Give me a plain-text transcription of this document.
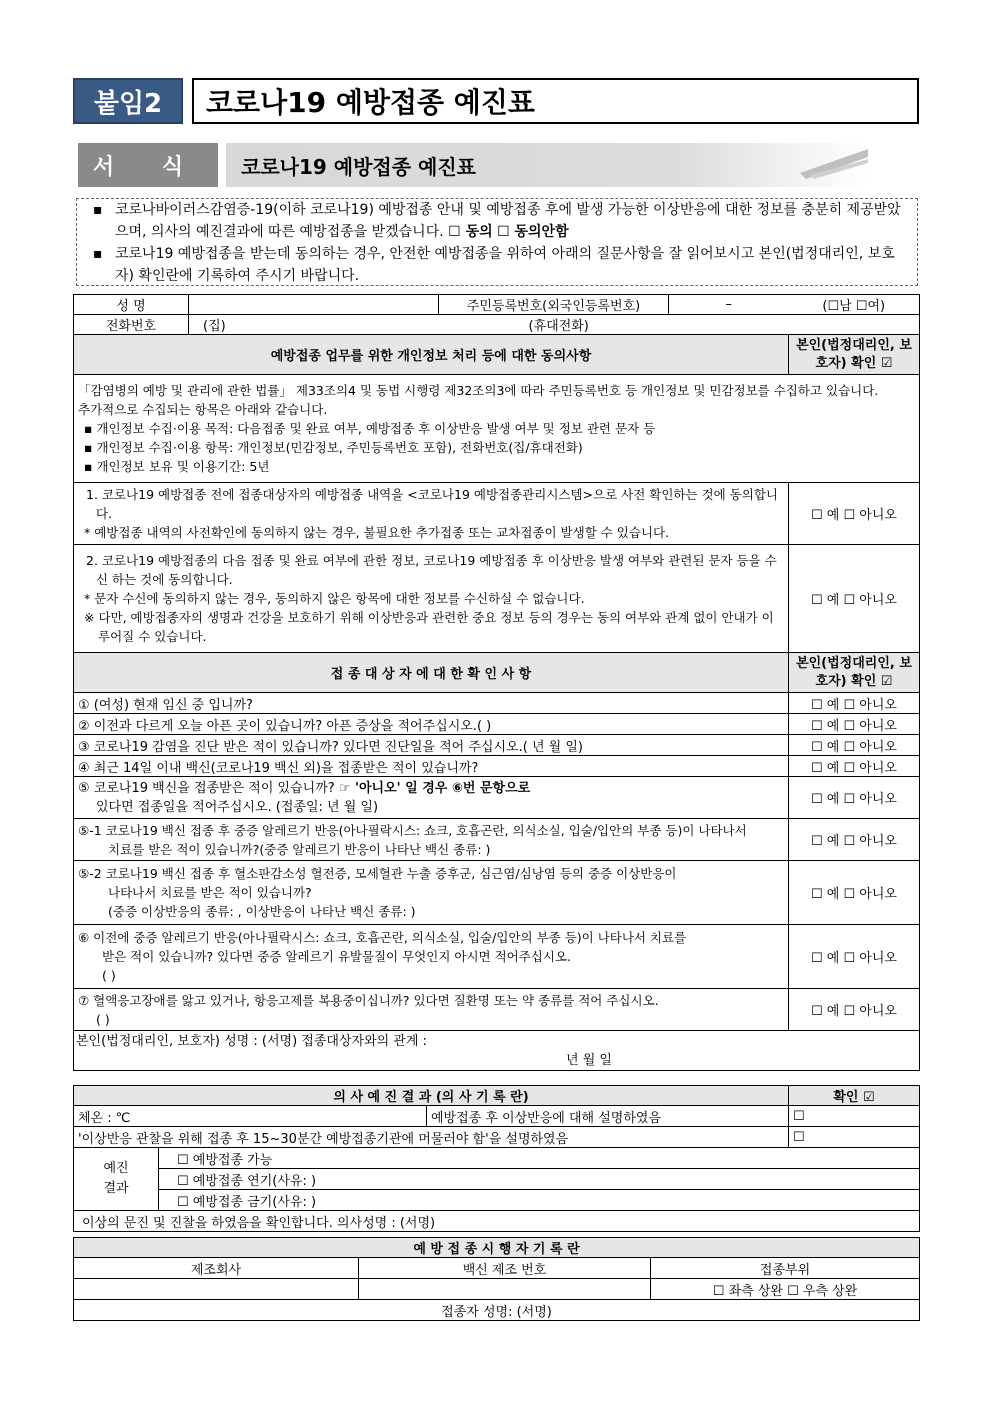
붙임2	코로나19 예방접종 예진표
서 식	코로나19 예방접종 예진표

▪ 코로나바이러스감염증-19(이하 코로나19) 예방접종 안내 및 예방접종 후에 발생 가능한 이상반응에 대한 정보를 충분히 제공받았으며, 의사의 예진결과에 따른 예방접종을 받겠습니다. ☐ 동의 ☐ 동의안함

▪ 코로나19 예방접종을 받는데 동의하는 경우, 안전한 예방접종을 위하여 아래의 질문사항을 잘 읽어보시고 본인(법정대리인, 보호자) 확인란에 기록하여 주시기 바랍니다.

성 명		주민등록번호(외국인등록번호)	–	(☐남 ☐여)
전화번호	(집)	(휴대전화)		
예방접종 업무를 위한 개인정보 처리 등에 대한 동의사항				본인(법정대리인, 보호자) 확인 ☑

「감염병의 예방 및 관리에 관한 법률」 제33조의4 및 동법 시행령 제32조의3에 따라 주민등록번호 등 개인정보 및 민감정보를 수집하고 있습니다.
추가적으로 수집되는 항목은 아래와 같습니다.
▪ 개인정보 수집·이용 목적: 다음접종 및 완료 여부, 예방접종 후 이상반응 발생 여부 및 정보 관련 문자 등
▪ 개인정보 수집·이용 항목: 개인정보(민감정보, 주민등록번호 포함), 전화번호(집/휴대전화)
▪ 개인정보 보유 및 이용기간: 5년				

1. 코로나19 예방접종 전에 접종대상자의 예방접종 내역을 <코로나19 예방접종관리시스템>으로 사전 확인하는 것에 동의합니다.
* 예방접종 내역의 사전확인에 동의하지 않는 경우, 불필요한 추가접종 또는 교차접종이 발생할 수 있습니다.				☐ 예 ☐ 아니오

2. 코로나19 예방접종의 다음 접종 및 완료 여부에 관한 정보, 코로나19 예방접종 후 이상반응 발생 여부와 관련된 문자 등을 수신 하는 것에 동의합니다.
* 문자 수신에 동의하지 않는 경우, 동의하지 않은 항목에 대한 정보를 수신하실 수 없습니다.
※ 다만, 예방접종자의 생명과 건강을 보호하기 위해 이상반응과 관련한 중요 정보 등의 경우는 동의 여부와 관계 없이 안내가 이루어질 수 있습니다.				☐ 예 ☐ 아니오
접 종 대 상 자 에 대 한 확 인 사 항				본인(법정대리인, 보호자) 확인 ☑
① (여성) 현재 임신 중 입니까?				☐ 예 ☐ 아니오
② 이전과 다르게 오늘 아픈 곳이 있습니까? 아픈 증상을 적어주십시오.( )				☐ 예 ☐ 아니오
③ 코로나19 감염을 진단 받은 적이 있습니까? 있다면 진단일을 적어 주십시오.( 년 월 일)				☐ 예 ☐ 아니오
④ 최근 14일 이내 백신(코로나19 백신 외)을 접종받은 적이 있습니까?				☐ 예 ☐ 아니오

⑤ 코로나19 백신을 접종받은 적이 있습니까? ☞ '아니오' 일 경우 ⑥번 문항으로
있다면 접종일을 적어주십시오. (접종일: 년 월 일)				☐ 예 ☐ 아니오

⑤-1 코로나19 백신 접종 후 중증 알레르기 반응(아나필락시스: 쇼크, 호흡곤란, 의식소실, 입술/입안의 부종 등)이 나타나서
치료를 받은 적이 있습니까?(중증 알레르기 반응이 나타난 백신 종류: )				☐ 예 ☐ 아니오

⑤-2 코로나19 백신 접종 후 혈소판감소성 혈전증, 모세혈관 누출 증후군, 심근염/심낭염 등의 중증 이상반응이
나타나서 치료를 받은 적이 있습니까?
(중증 이상반응의 종류: , 이상반응이 나타난 백신 종류: )				☐ 예 ☐ 아니오

⑥ 이전에 중증 알레르기 반응(아나필락시스: 쇼크, 호흡곤란, 의식소실, 입술/입안의 부종 등)이 나타나서 치료를
받은 적이 있습니까? 있다면 중증 알레르기 유발물질이 무엇인지 아시면 적어주십시오.
( )				☐ 예 ☐ 아니오

⑦ 혈액응고장애를 앓고 있거나, 항응고제를 복용중이십니까? 있다면 질환명 또는 약 종류를 적어 주십시오.
( )				☐ 예 ☐ 아니오

본인(법정대리인, 보호자) 성명 : (서명) 접종대상자와의 관계 :
년 월 일				
의 사 예 진 결 과 (의 사 기 록 란)			확인 ☑
체온 : ℃		예방접종 후 이상반응에 대해 설명하였음	☐
'이상반응 관찰을 위해 접종 후 15~30분간 예방접종기관에 머물러야 함'을 설명하였음			☐
예진 결과	☐ 예방접종 가능		
	☐ 예방접종 연기(사유: )		
	☐ 예방접종 금기(사유: )		
이상의 문진 및 진찰을 하였음을 확인합니다. 의사성명 : (서명)			
예 방 접 종 시 행 자 기 록 란		
제조회사	백신 제조 번호	접종부위
		☐ 좌측 상완 ☐ 우측 상완
접종자 성명: (서명)		
